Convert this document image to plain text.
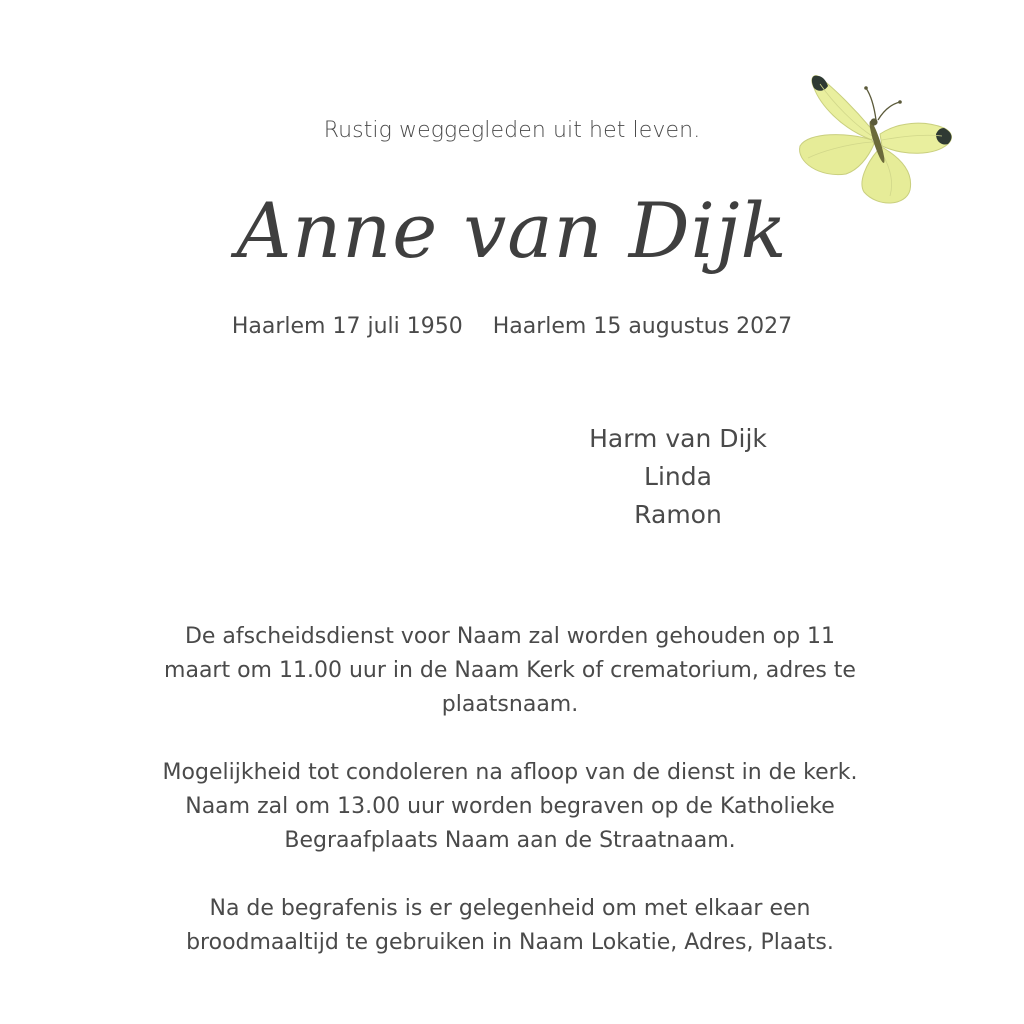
Rustig weggegleden uit het leven.
Anne van Dijk
Haarlem 17 juli 1950 Haarlem 15 augustus 2027
Harm van Dijk
Linda
Ramon

De afscheidsdienst voor Naam zal worden gehouden op 11 maart om 11.00 uur in de Naam Kerk of crematorium, adres te plaatsnaam.

Mogelijkheid tot condoleren na afloop van de dienst in de kerk. Naam zal om 13.00 uur worden begraven op de Katholieke Begraafplaats Naam aan de Straatnaam.

Na de begrafenis is er gelegenheid om met elkaar een broodmaaltijd te gebruiken in Naam Lokatie, Adres, Plaats.
